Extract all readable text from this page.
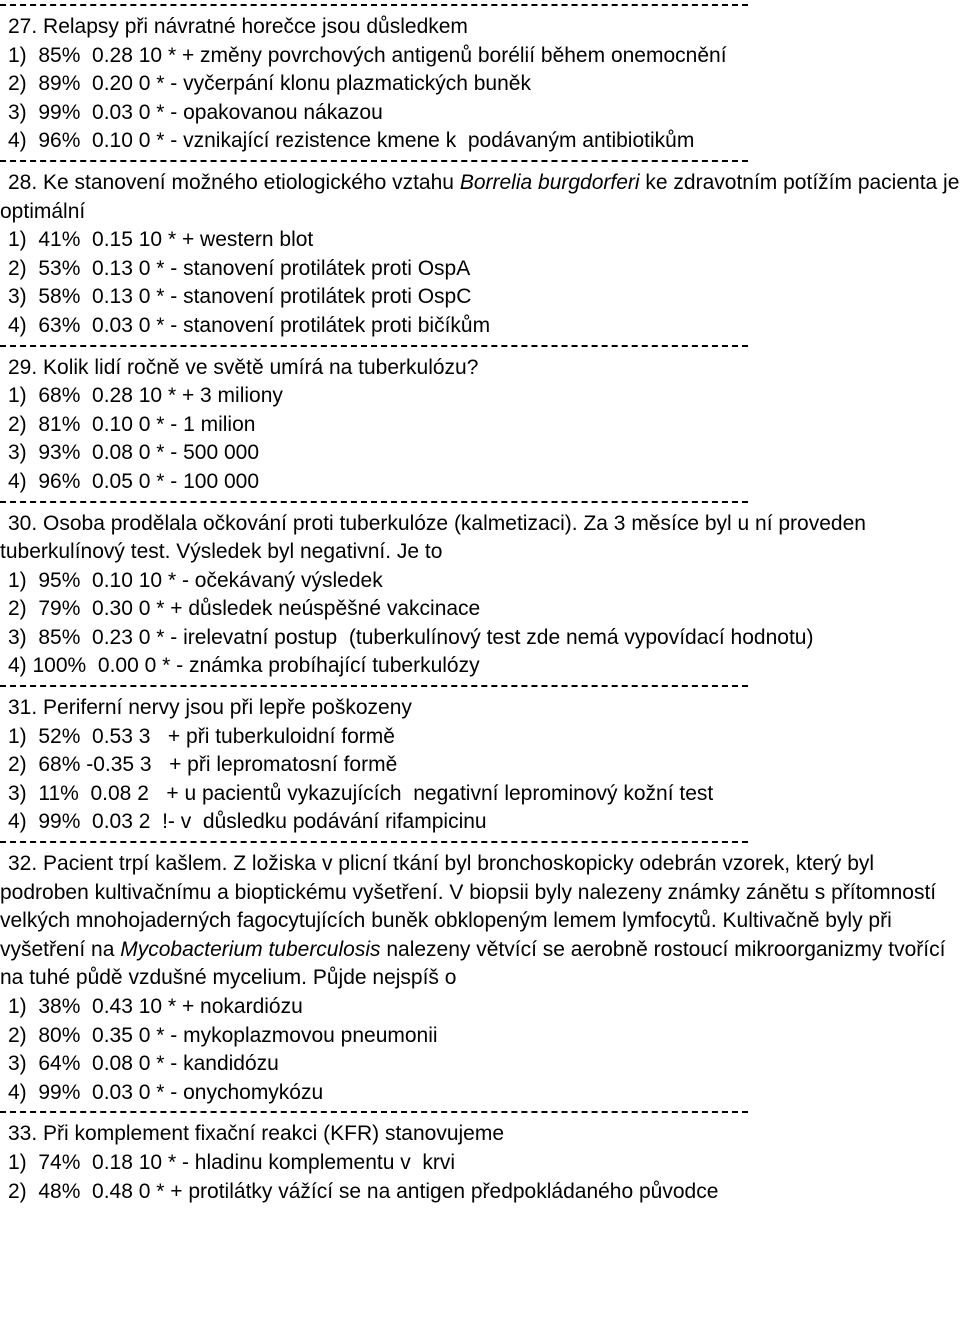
27. Relapsy při návratné horečce jsou důsledkem
1)  85%  0.28 10 * + změny povrchových antigenů borélií během onemocnění
2)  89%  0.20 0 * - vyčerpání klonu plazmatických buněk
3)  99%  0.03 0 * - opakovanou nákazou
4)  96%  0.10 0 * - vznikající rezistence kmene k  podávaným antibiotikům
28. Ke stanovení možného etiologického vztahu Borrelia burgdorferi ke zdravotním potížím pacienta je optimální
1)  41%  0.15 10 * + western blot
2)  53%  0.13 0 * - stanovení protilátek proti OspA
3)  58%  0.13 0 * - stanovení protilátek proti OspC
4)  63%  0.03 0 * - stanovení protilátek proti bičíkům
29. Kolik lidí ročně ve světě umírá na tuberkulózu?
1)  68%  0.28 10 * + 3 miliony
2)  81%  0.10 0 * - 1 milion
3)  93%  0.08 0 * - 500 000
4)  96%  0.05 0 * - 100 000
30. Osoba prodělala očkování proti tuberkulóze (kalmetizaci). Za 3 měsíce byl u ní proveden tuberkulínový test. Výsledek byl negativní. Je to
1)  95%  0.10 10 * - očekávaný výsledek
2)  79%  0.30 0 * + důsledek neúspěšné vakcinace
3)  85%  0.23 0 * - irelevatní postup  (tuberkulínový test zde nemá vypovídací hodnotu)
4) 100%  0.00 0 * - známka probíhající tuberkulózy
31. Periferní nervy jsou při lepře poškozeny
1)  52%  0.53 3   + při tuberkuloidní formě
2)  68% -0.35 3   + při lepromatosní formě
3)  11%  0.08 2   + u pacientů vykazujících  negativní leprominový kožní test
4)  99%  0.03 2  !- v  důsledku podávání rifampicinu
32. Pacient trpí kašlem. Z ložiska v plicní tkání byl bronchoskopicky odebrán vzorek, který byl podroben kultivačnímu a bioptickému vyšetření. V biopsii byly nalezeny známky zánětu s přítomností velkých mnohojaderných fagocytujících buněk obklopeným lemem lymfocytů. Kultivačně byly při vyšetření na Mycobacterium tuberculosis nalezeny větvící se aerobně rostoucí mikroorganizmy tvořící na tuhé půdě vzdušné mycelium. Půjde nejspíš o
1)  38%  0.43 10 * + nokardiózu
2)  80%  0.35 0 * - mykoplazmovou pneumonii
3)  64%  0.08 0 * - kandidózu
4)  99%  0.03 0 * - onychomykózu
33. Při komplement fixační reakci (KFR) stanovujeme
1)  74%  0.18 10 * - hladinu komplementu v  krvi
2)  48%  0.48 0 * + protilátky vážící se na antigen předpokládaného původce
